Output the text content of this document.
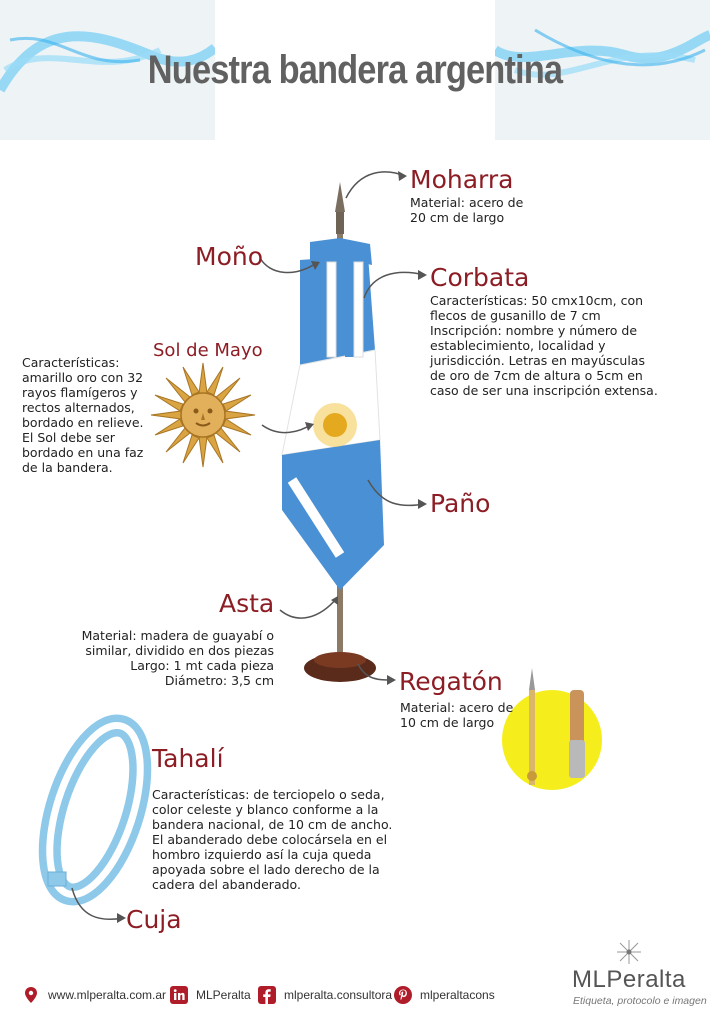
Nuestra bandera argentina
Moharra
Material: acero de
20 cm de largo
Moño
Corbata
Características: 50 cmx10cm, con
flecos de gusanillo de 7 cm
Inscripción: nombre y número de
establecimiento, localidad y
jurisdicción. Letras en mayúsculas
de oro de 7cm de altura o 5cm en
caso de ser una inscripción extensa.
Sol de Mayo
Características:
amarillo oro con 32
rayos flamígeros y
rectos alternados,
bordado en relieve.
El Sol debe ser
bordado en una faz
de la bandera.
Paño
Asta
Material: madera de guayabí o
similar, dividido en dos piezas
Largo: 1 mt cada pieza
Diámetro: 3,5 cm	Regatón
Material: acero de
10 cm de largo
Tahalí
Características: de terciopelo o seda,
color celeste y blanco conforme a la
bandera nacional, de 10 cm de ancho.
El abanderado debe colocársela en el
hombro izquierdo así la cuja queda
apoyada sobre el lado derecho de la
cadera del abanderado.
Cuja
www.mlperalta.com.ar MLPeralta	mlperalta.consultora mlperaltacons
MLPeralta
Etiqueta, protocolo e imagen
